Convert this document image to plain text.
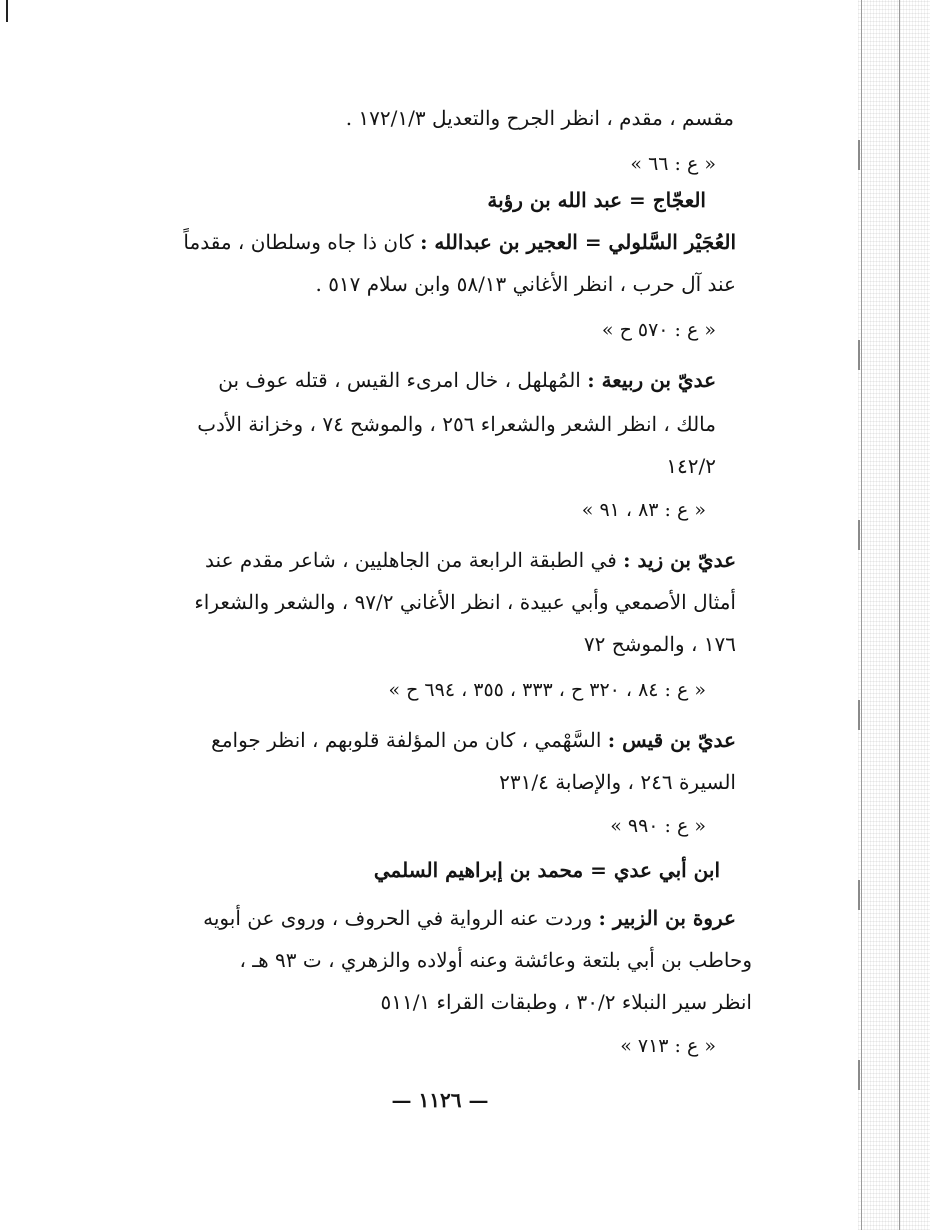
مقسم ، مقدم ، انظر الجرح والتعديل ١٧٢/١/٣ .
« ع : ٦٦ »
العجّاج = عبد الله بن رؤبة
العُجَيْر السَّلولي = العجير بن عبدالله : كان ذا جاه وسلطان ، مقدماً
عند آل حرب ، انظر الأغاني ٥٨/١٣ وابن سلام ٥١٧ .
« ع : ٥٧٠ ح »
عديّ بن ربيعة : المُهلهل ، خال امرىء القيس ، قتله عوف بن
مالك ، انظر الشعر والشعراء ٢٥٦ ، والموشح ٧٤ ، وخزانة الأدب
١٤٢/٢
« ع : ٨٣ ، ٩١ »
عديّ بن زيد : في الطبقة الرابعة من الجاهليين ، شاعر مقدم عند
أمثال الأصمعي وأبي عبيدة ، انظر الأغاني ٩٧/٢ ، والشعر والشعراء
١٧٦ ، والموشح ٧٢
« ع : ٨٤ ، ٣٢٠ ح ، ٣٣٣ ، ٣٥٥ ، ٦٩٤ ح »
عديّ بن قيس : السَّهْمي ، كان من المؤلفة قلوبهم ، انظر جوامع
السيرة ٢٤٦ ، والإصابة ٢٣١/٤
« ع : ٩٩٠ »
ابن أبي عدي = محمد بن إبراهيم السلمي
عروة بن الزبير : وردت عنه الرواية في الحروف ، وروى عن أبويه
وحاطب بن أبي بلتعة وعائشة وعنه أولاده والزهري ، ت ٩٣ هـ ،
انظر سير النبلاء ٣٠/٢ ، وطبقات القراء ٥١١/١
« ع : ٧١٣ »
— ١١٢٦ —
